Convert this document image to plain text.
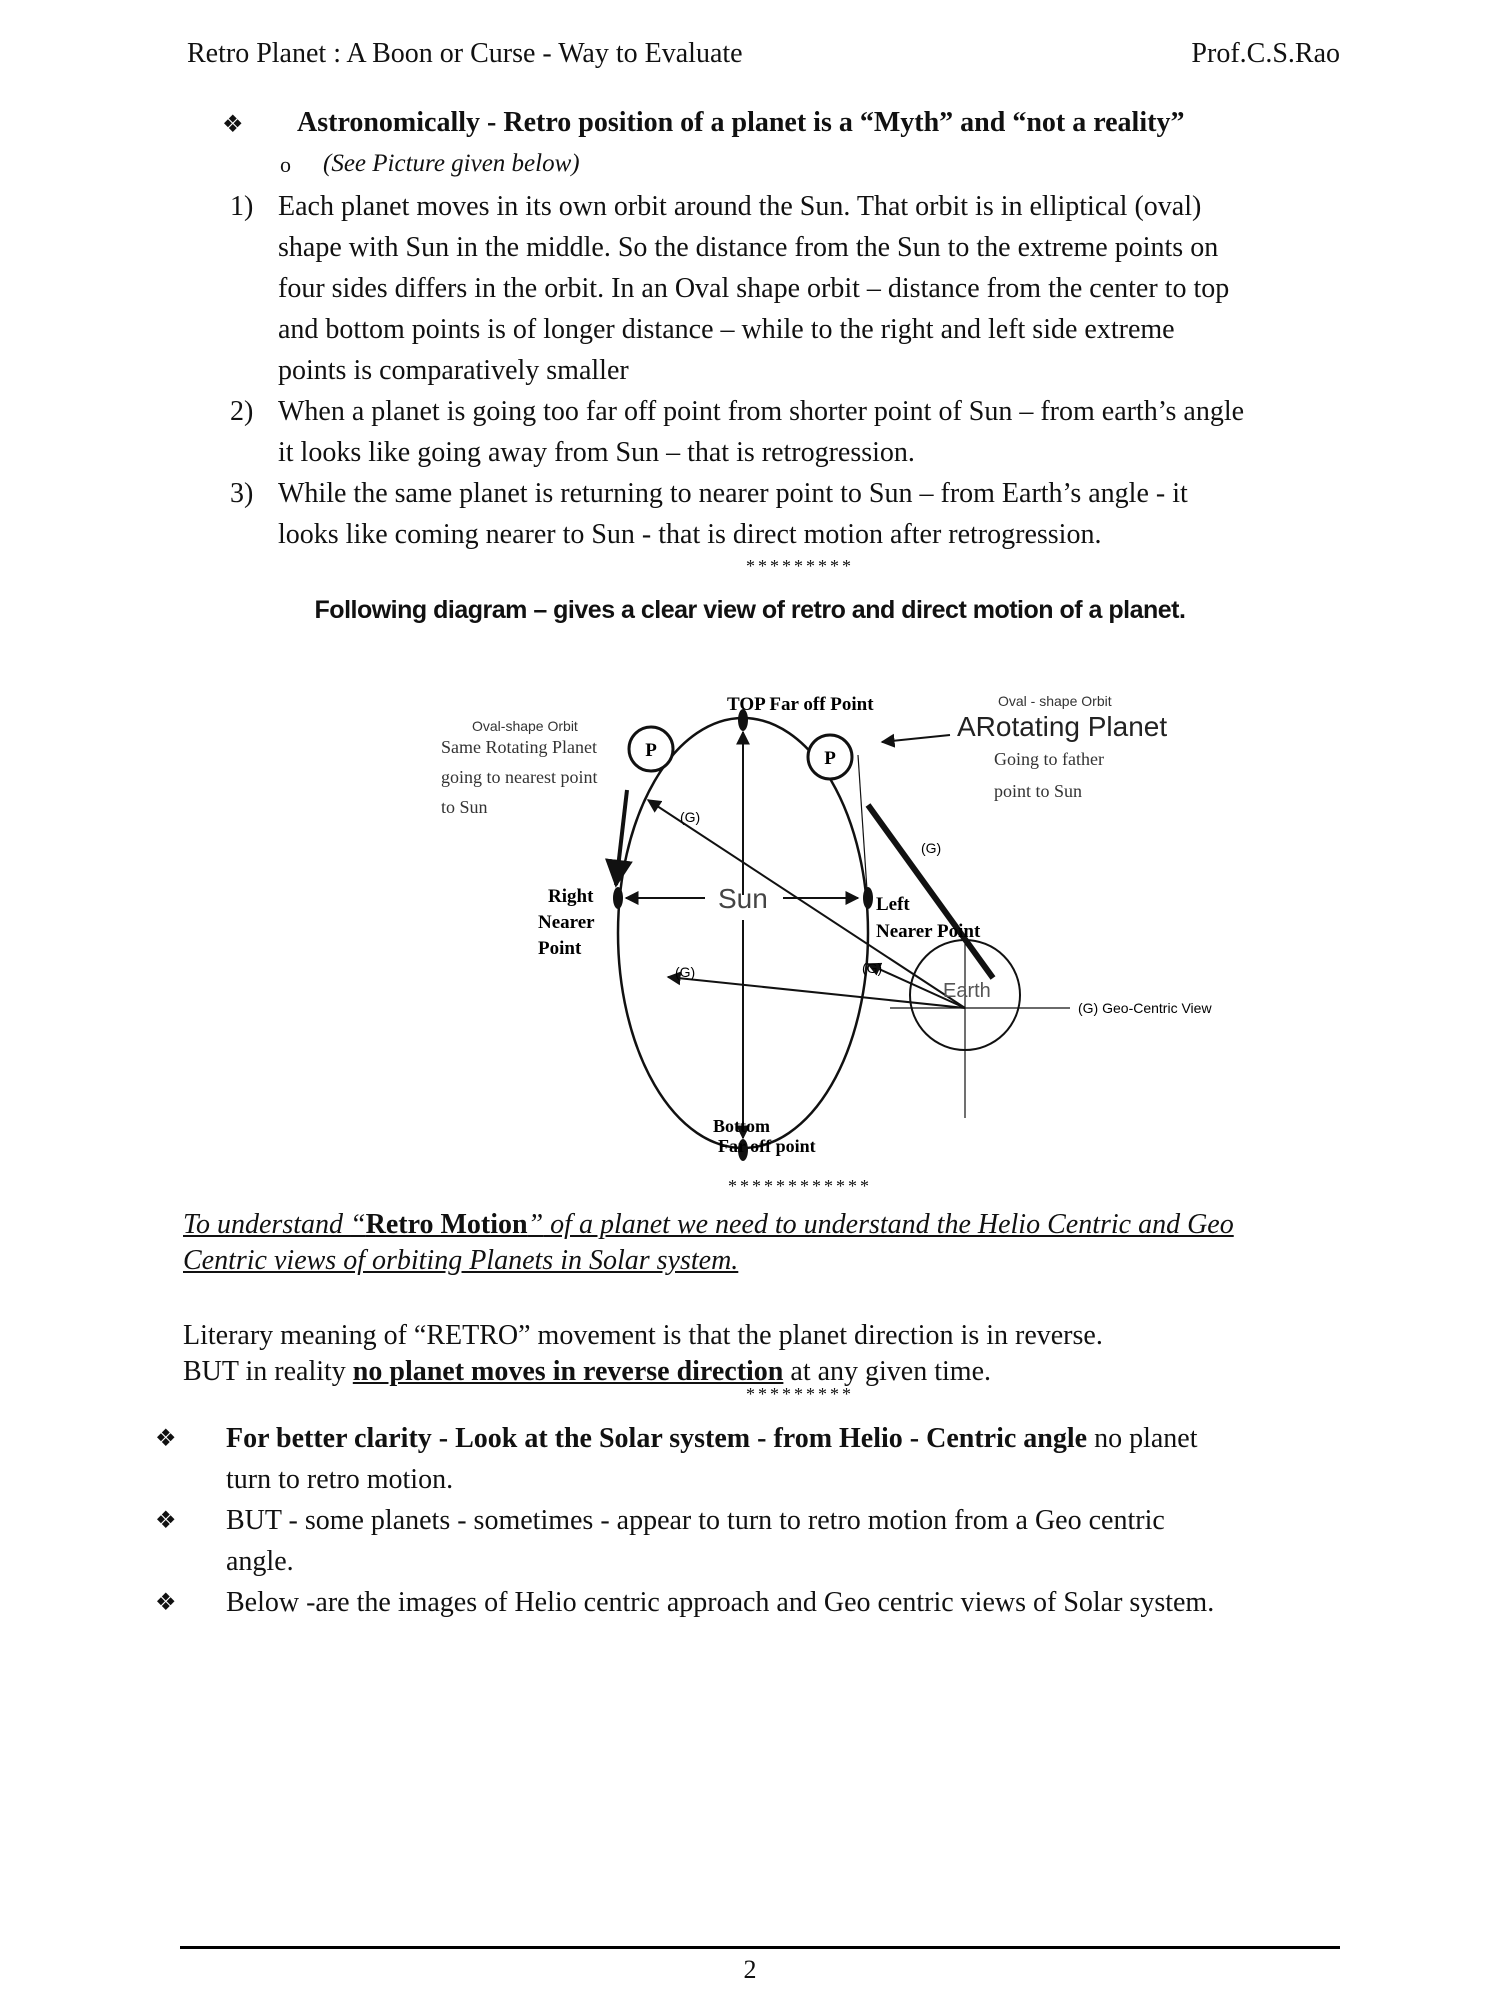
Retro Planet : A Boon or Curse - Way to Evaluate	Prof.C.S.Rao
❖ Astronomically - Retro position of a planet is a “Myth” and “not a reality”
o (See Picture given below)
1) Each planet moves in its own orbit around the Sun. That orbit is in elliptical (oval)
shape with Sun in the middle. So the distance from the Sun to the extreme points on
four sides differs in the orbit. In an Oval shape orbit – distance from the center to top
and bottom points is of longer distance – while to the right and left side extreme
points is comparatively smaller
2) When a planet is going too far off point from shorter point of Sun – from earth’s angle
it looks like going away from Sun – that is retrogression.
3) While the same planet is returning to nearer point to Sun – from Earth’s angle - it
looks like coming nearer to Sun - that is direct motion after retrogression.
*********
Following diagram – gives a clear view of retro and direct motion of a planet.
P	P
TOP Far off Point
Bottom
Far off point
Oval-shape Orbit
Same Rotating Planet
going to nearest point
to Sun
Oval - shape Orbit
ARotating Planet
Going to father
point to Sun
(G)
(G)
(G)	(G)
Right
Nearer
Point
Sun	Left
Nearer Point
Earth
(G) Geo-Centric View
************
To understand “Retro Motion” of a planet we need to understand the Helio Centric and Geo
Centric views of orbiting Planets in Solar system.
Literary meaning of “RETRO” movement is that the planet direction is in reverse.
BUT in reality no planet moves in reverse direction at any given time.
*********
❖ For better clarity - Look at the Solar system - from Helio - Centric angle no planet
turn to retro motion.
❖ BUT - some planets - sometimes - appear to turn to retro motion from a Geo centric
angle.
❖ Below -are the images of Helio centric approach and Geo centric views of Solar system.
2
